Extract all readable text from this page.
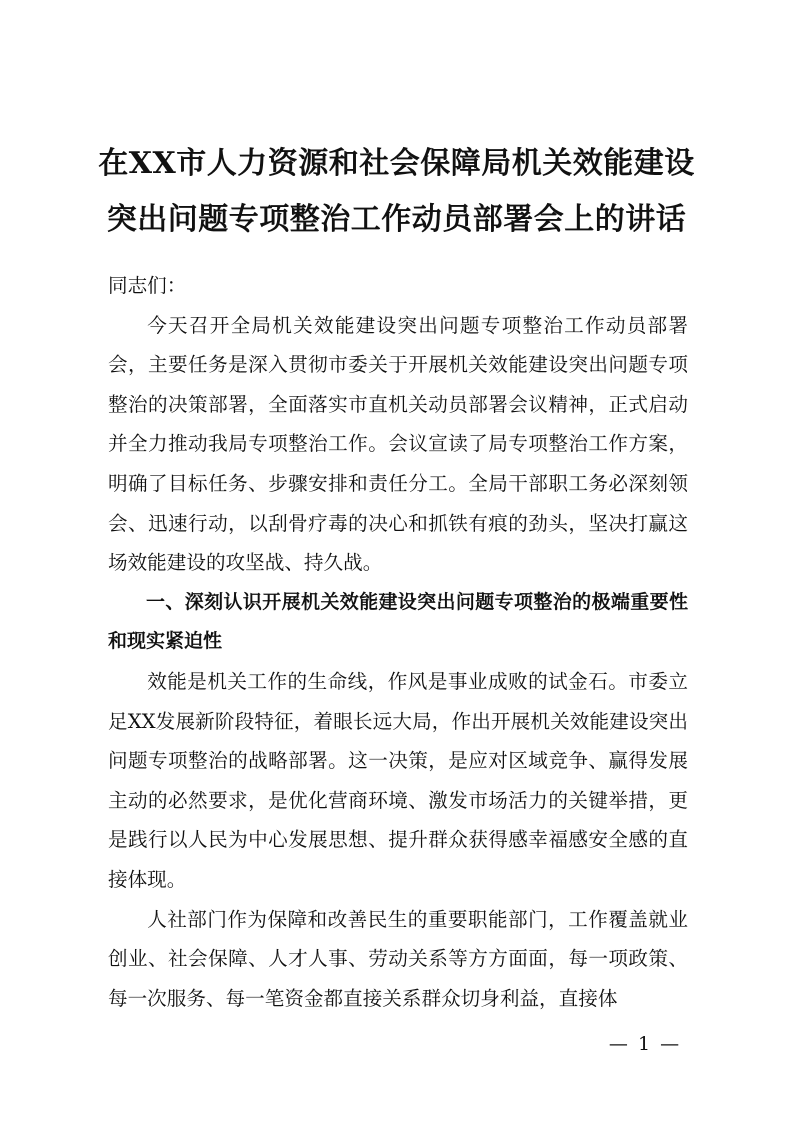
在XX市人力资源和社会保障局机关效能建设
突出问题专项整治工作动员部署会上的讲话

同志们：

今天召开全局机关效能建设突出问题专项整治工作动员部署会，主要任务是深入贯彻市委关于开展机关效能建设突出问题专项整治的决策部署，全面落实市直机关动员部署会议精神，正式启动并全力推动我局专项整治工作。会议宣读了局专项整治工作方案，明确了目标任务、步骤安排和责任分工。全局干部职工务必深刻领会、迅速行动，以刮骨疗毒的决心和抓铁有痕的劲头，坚决打赢这场效能建设的攻坚战、持久战。

一、深刻认识开展机关效能建设突出问题专项整治的极端重要性和现实紧迫性

效能是机关工作的生命线，作风是事业成败的试金石。市委立足XX发展新阶段特征，着眼长远大局，作出开展机关效能建设突出问题专项整治的战略部署。这一决策，是应对区域竞争、赢得发展主动的必然要求，是优化营商环境、激发市场活力的关键举措，更是践行以人民为中心发展思想、提升群众获得感幸福感安全感的直接体现。

人社部门作为保障和改善民生的重要职能部门，工作覆盖就业创业、社会保障、人才人事、劳动关系等方方面面，每一项政策、每一次服务、每一笔资金都直接关系群众切身利益，直接体

— 1 —
